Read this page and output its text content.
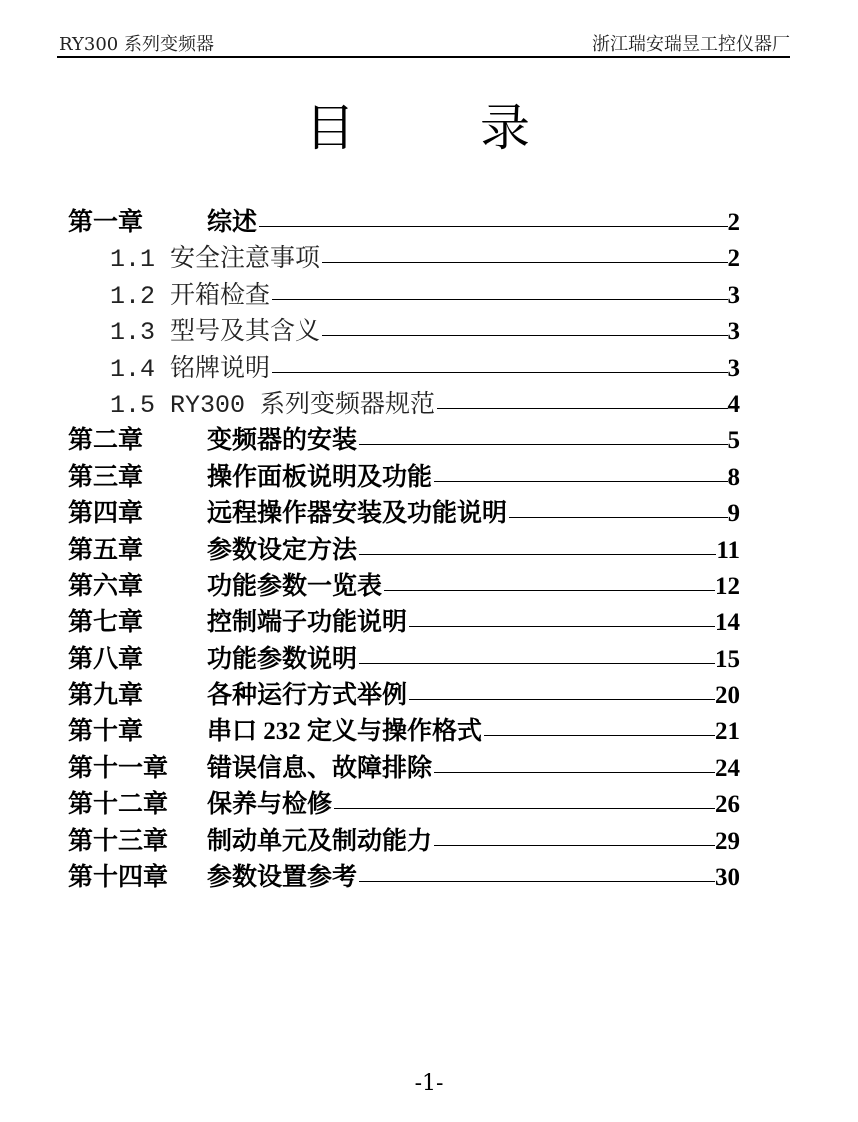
RY300 系列变频器	浙江瑞安瑞昱工控仪器厂
目	录
第一章	综述	2
1.1 安全注意事项	2
1.2 开箱检查	3
1.3 型号及其含义	3
1.4 铭牌说明	3
1.5 RY300 系列变频器规范	4
第二章	变频器的安装	5
第三章	操作面板说明及功能	8
第四章	远程操作器安装及功能说明	9
第五章	参数设定方法	11
第六章	功能参数一览表	12
第七章	控制端子功能说明	14
第八章	功能参数说明	15
第九章	各种运行方式举例	20
第十章	串口 232 定义与操作格式	21
第十一章	错误信息、故障排除	24
第十二章	保养与检修	26
第十三章	制动单元及制动能力	29
第十四章	参数设置参考	30
-1-
